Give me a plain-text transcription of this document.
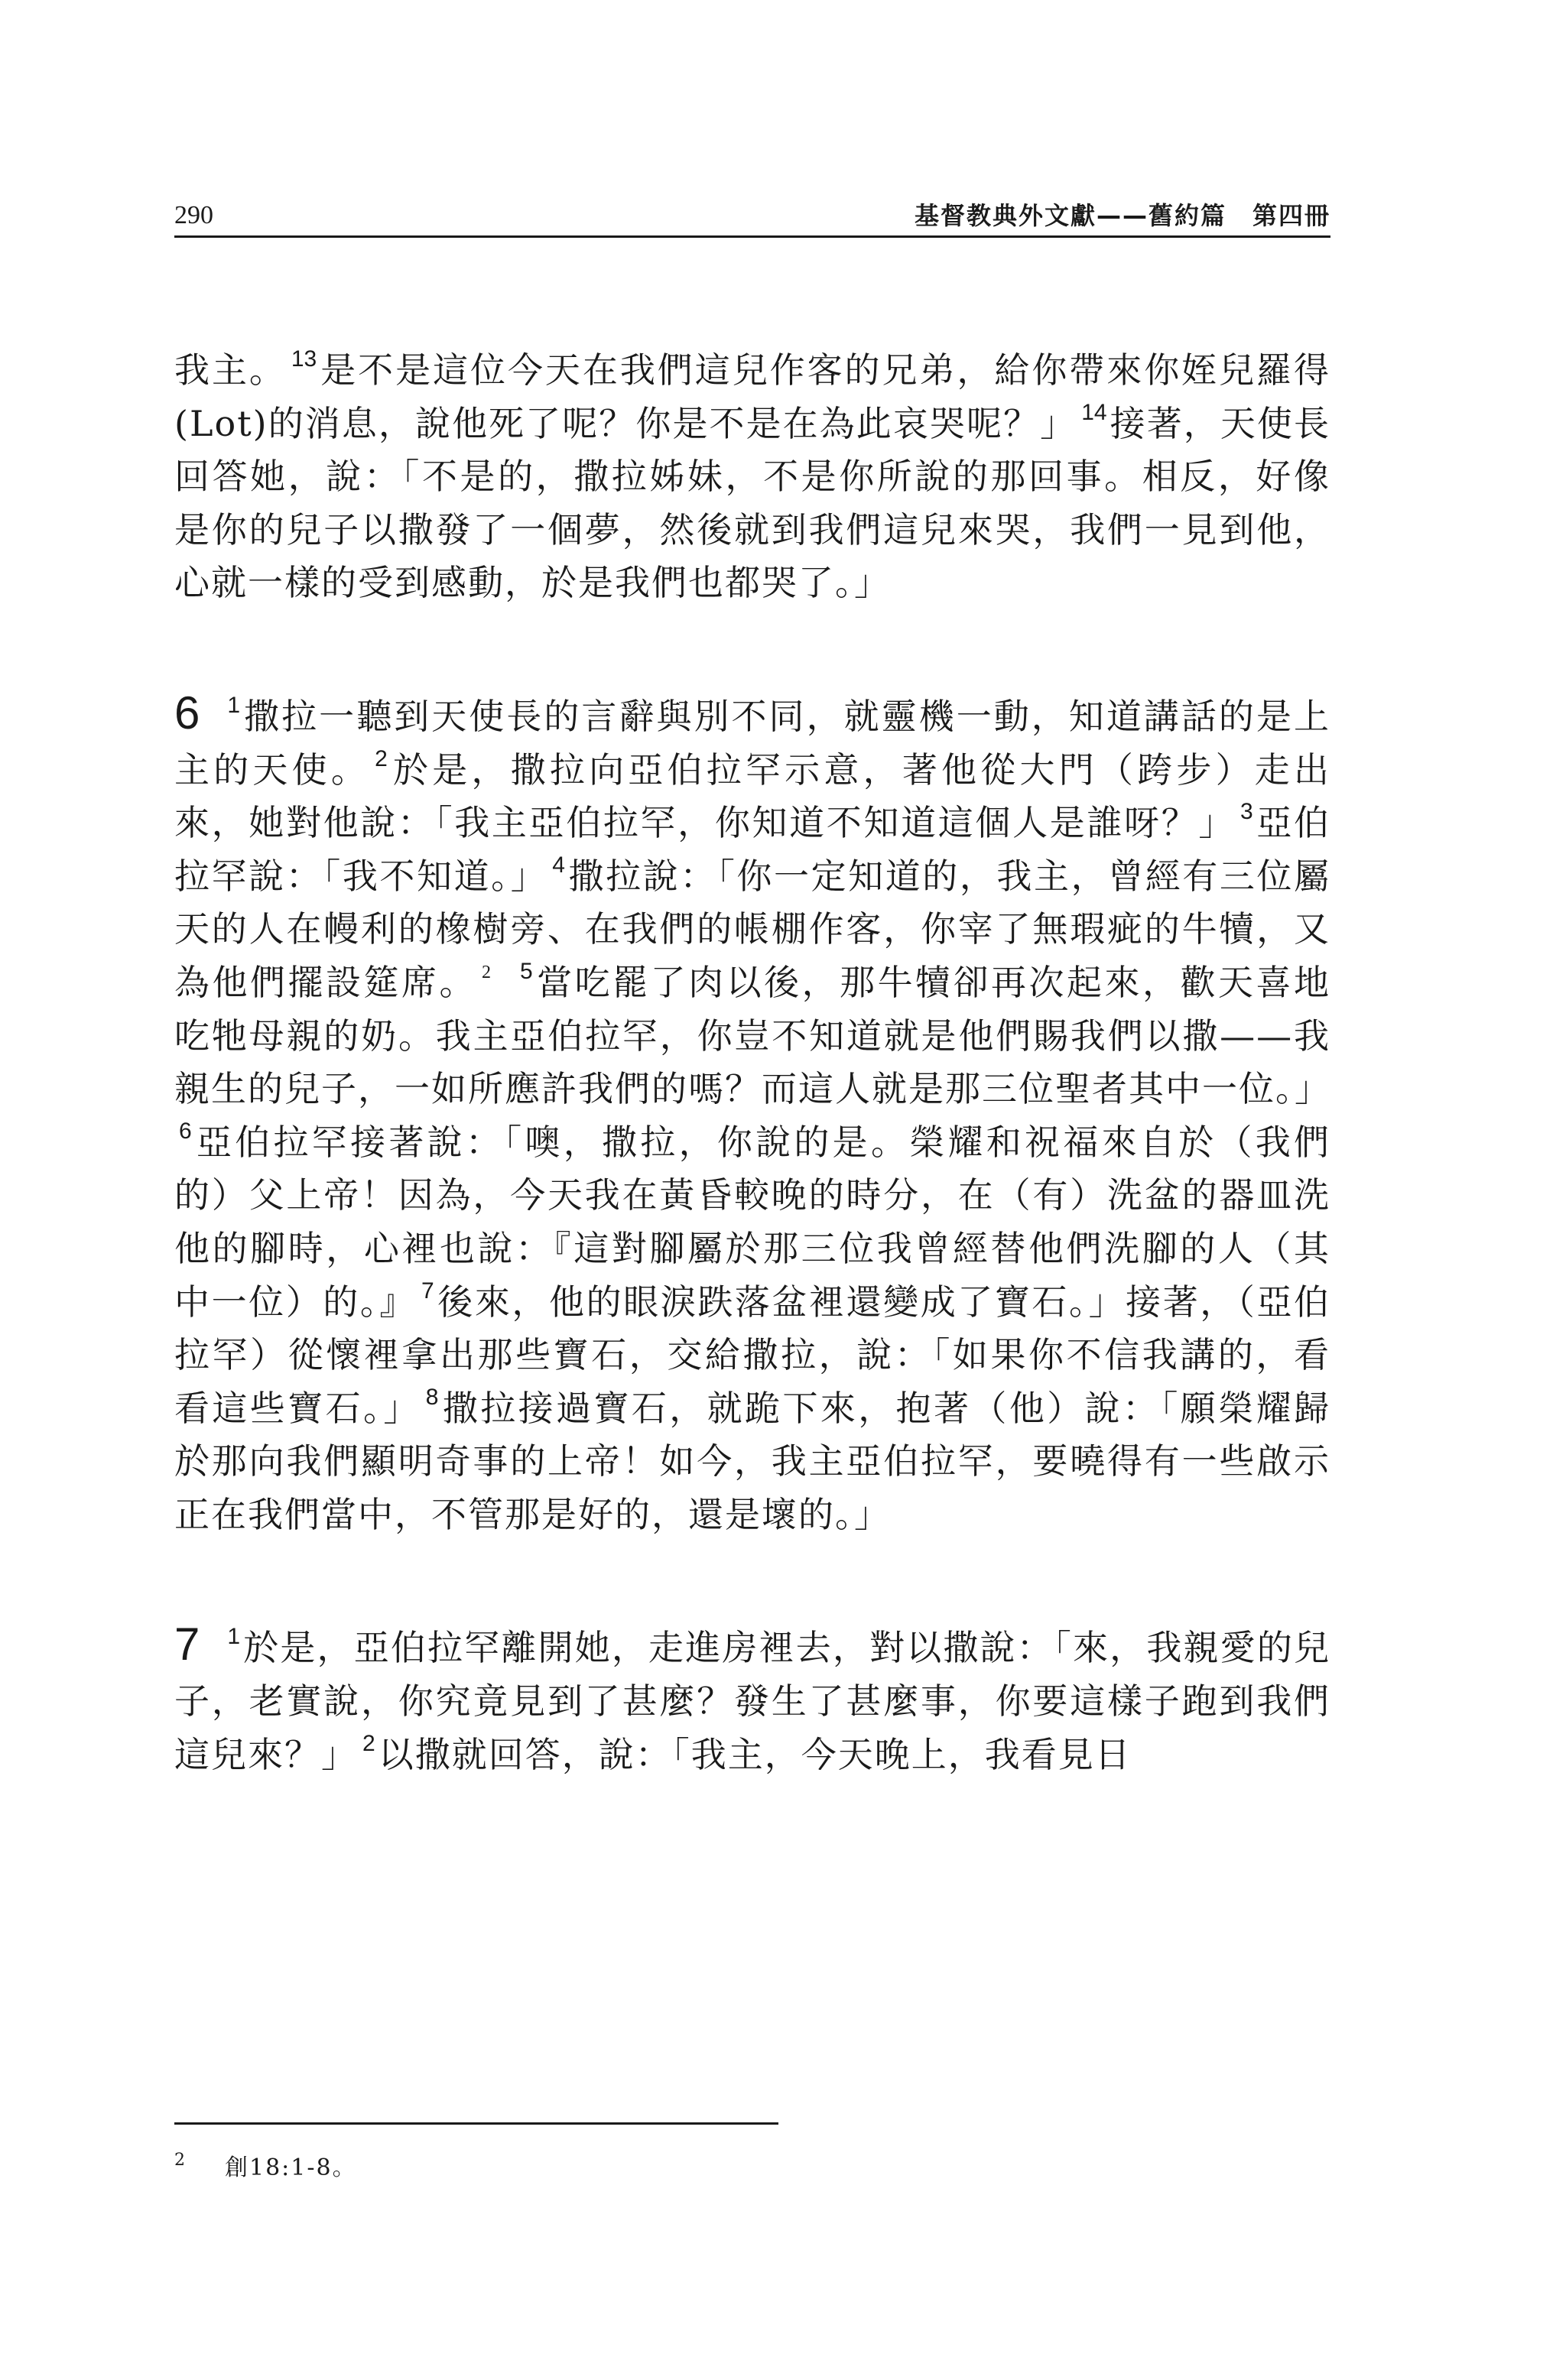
290	基督教典外文獻——舊約篇　第四冊

我主。 $^{13}$是不是這位今天在我們這兒作客的兄弟，給你帶來你姪兒羅得(Lot)的消息，說他死了呢？你是不是在為此哀哭呢？」 $^{14}$接著，天使長回答她，說：「不是的，撒拉姊妹，不是你所說的那回事。相反，好像是你的兒子以撒發了一個夢，然後就到我們這兒來哭，我們一見到他，心就一樣的受到感動，於是我們也都哭了。」

6 $^1$撒拉一聽到天使長的言辭與別不同，就靈機一動，知道講話的是上主的天使。 $^2$於是，撒拉向亞伯拉罕示意，著他從大門（跨步）走出來，她對他說：「我主亞伯拉罕，你知道不知道這個人是誰呀？」 $^3$亞伯拉罕說：「我不知道。」 $^4$撒拉說：「你一定知道的，我主，曾經有三位屬天的人在幔利的橡樹旁、在我們的帳棚作客，你宰了無瑕疵的牛犢，又為他們擺設筵席。 $^2$ $^5$當吃罷了肉以後，那牛犢卻再次起來，歡天喜地吃牠母親的奶。我主亞伯拉罕，你豈不知道就是他們賜我們以撒——我親生的兒子，一如所應許我們的嗎？而這人就是那三位聖者其中一位。」$^6$亞伯拉罕接著說：「噢，撒拉，你說的是。榮耀和祝福來自於（我們的）父上帝！因為，今天我在黃昏較晚的時分，在（有）洗盆的器皿洗他的腳時，心裡也說：『這對腳屬於那三位我曾經替他們洗腳的人（其中一位）的。』 $^7$後來，他的眼淚跌落盆裡還變成了寶石。」接著，（亞伯拉罕）從懷裡拿出那些寶石，交給撒拉，說：「如果你不信我講的，看看這些寶石。」 $^8$撒拉接過寶石，就跪下來，抱著（他）說：「願榮耀歸於那向我們顯明奇事的上帝！如今，我主亞伯拉罕，要曉得有一些啟示正在我們當中，不管那是好的，還是壞的。」

7 $^1$於是，亞伯拉罕離開她，走進房裡去，對以撒說：「來，我親愛的兒子，老實說，你究竟見到了甚麼？發生了甚麼事，你要這樣子跑到我們這兒來？」 $^2$以撒就回答，說：「我主，今天晚上，我看見日

$^2$ 創18:1-8。
